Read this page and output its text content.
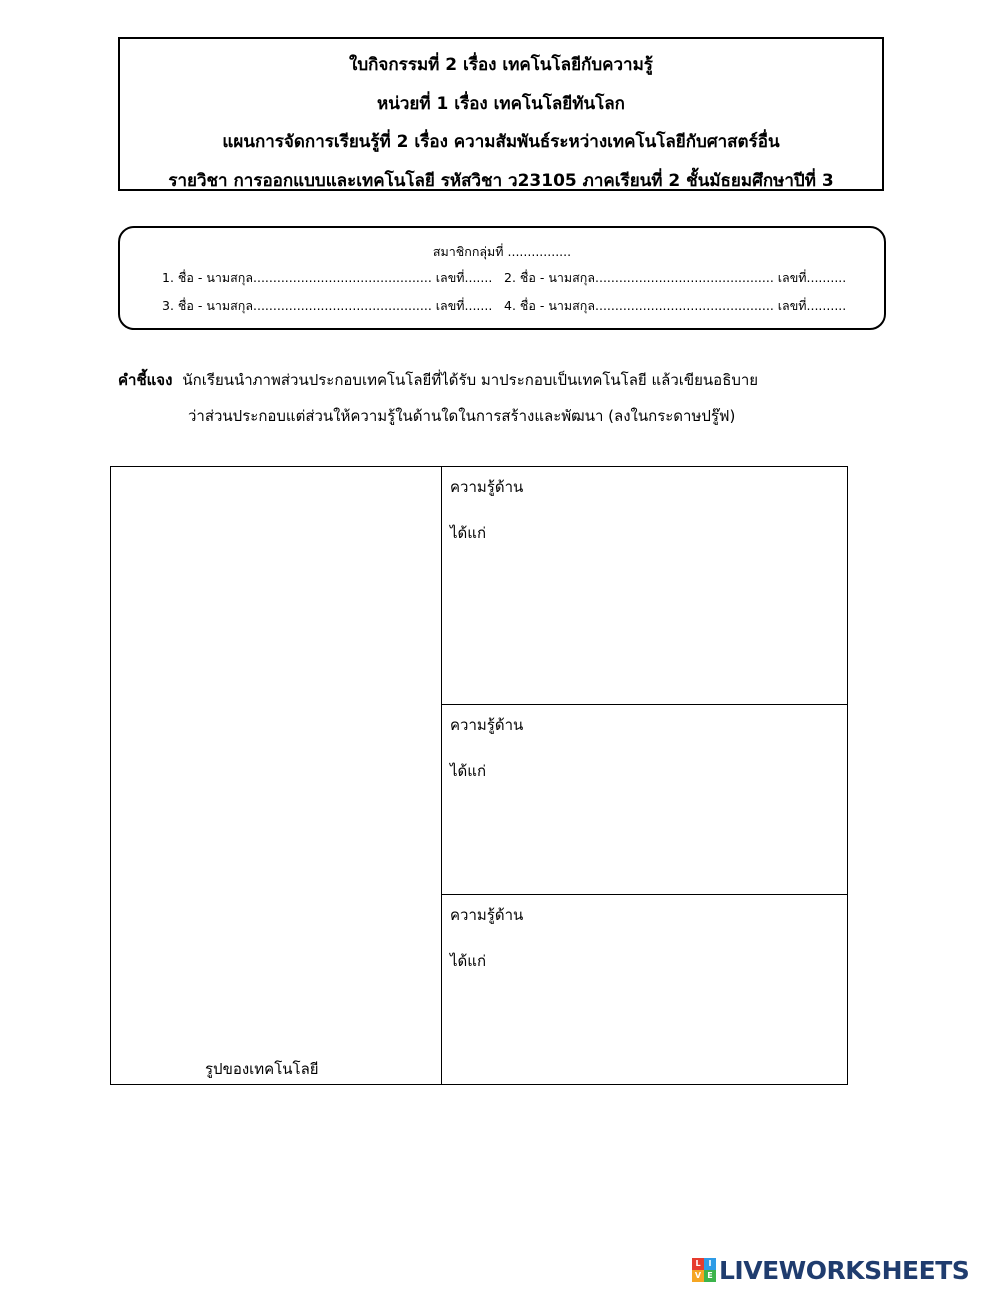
ใบกิจกรรมที่ 2 เรื่อง เทคโนโลยีกับความรู้
หน่วยที่ 1 เรื่อง เทคโนโลยีทันโลก
แผนการจัดการเรียนรู้ที่ 2 เรื่อง ความสัมพันธ์ระหว่างเทคโนโลยีกับศาสตร์อื่น
รายวิชา การออกแบบและเทคโนโลยี รหัสวิชา ว23105 ภาคเรียนที่ 2 ชั้นมัธยมศึกษาปีที่ 3
สมาชิกกลุ่มที่ ................
1. ชื่อ - นามสกุล............................................. เลขที่....... 2. ชื่อ - นามสกุล............................................. เลขที่..........
3. ชื่อ - นามสกุล............................................. เลขที่....... 4. ชื่อ - นามสกุล............................................. เลขที่..........
คำชี้แจง นักเรียนนำภาพส่วนประกอบเทคโนโลยีที่ได้รับ มาประกอบเป็นเทคโนโลยี แล้วเขียนอธิบาย
ว่าส่วนประกอบแต่ส่วนให้ความรู้ในด้านใดในการสร้างและพัฒนา (ลงในกระดาษปรู๊ฟ)
รูปของเทคโนโลยี
ความรู้ด้าน
ได้แก่
ความรู้ด้าน
ได้แก่
ความรู้ด้าน
ได้แก่
L I
V E LIVEWORKSHEETS
